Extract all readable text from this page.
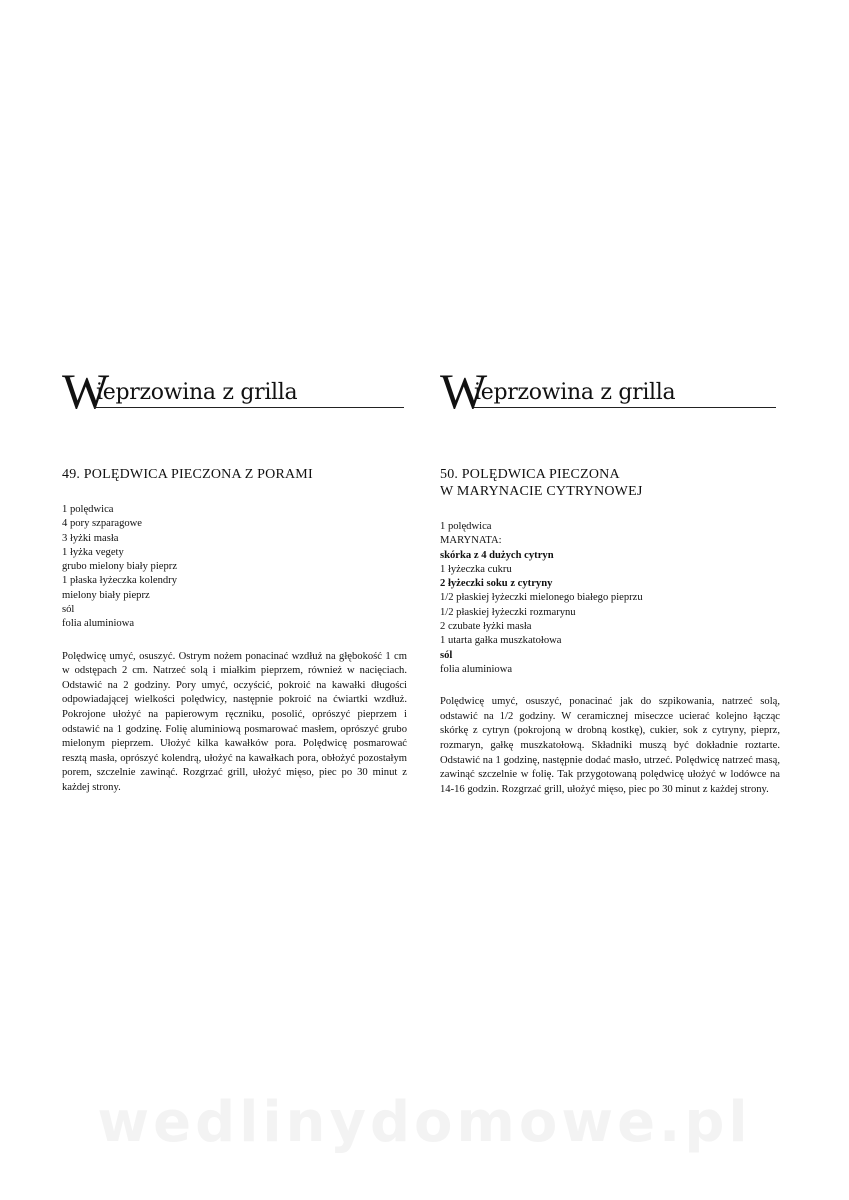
W
ieprzowina z grilla
49. POLĘDWICA PIECZONA Z PORAMI
1 polędwica
4 pory szparagowe
3 łyżki masła
1 łyżka vegety
grubo mielony biały pieprz
1 płaska łyżeczka kolendry
mielony biały pieprz
sól
folia aluminiowa

Polędwicę umyć, osuszyć. Ostrym nożem ponacinać wzdłuż na głębokość 1 cm w odstępach 2 cm. Natrzeć solą i miałkim pieprzem, również w nacięciach. Odstawić na 2 godziny. Pory umyć, oczyścić, pokroić na kawałki długości odpowiadającej wielkości polędwicy, następnie pokroić na ćwiartki wzdłuż. Pokrojone ułożyć na papierowym ręczniku, posolić, oprószyć pieprzem i odstawić na 1 godzinę. Folię aluminiową posmarować masłem, oprószyć grubo mielonym pieprzem. Ułożyć kilka kawałków pora. Polędwicę posmarować resztą masła, oprószyć kolendrą, ułożyć na kawałkach pora, obłożyć pozostałym porem, szczelnie zawinąć. Rozgrzać grill, ułożyć mięso, piec po 30 minut z każdej strony.

W
ieprzowina z grilla
50. POLĘDWICA PIECZONA
W MARYNACIE CYTRYNOWEJ
1 polędwica
MARYNATA:
skórka z 4 dużych cytryn
1 łyżeczka cukru
2 łyżeczki soku z cytryny
1/2 płaskiej łyżeczki mielonego białego pieprzu
1/2 płaskiej łyżeczki rozmarynu
2 czubate łyżki masła
1 utarta gałka muszkatołowa
sól
folia aluminiowa

Polędwicę umyć, osuszyć, ponacinać jak do szpikowania, natrzeć solą, odstawić na 1/2 godziny. W ceramicznej miseczce ucierać kolejno łącząc skórkę z cytryn (pokrojoną w drobną kostkę), cukier, sok z cytryny, pieprz, rozmaryn, gałkę muszkatołową. Składniki muszą być dokładnie roztarte. Odstawić na 1 godzinę, następnie dodać masło, utrzeć. Polędwicę natrzeć masą, zawinąć szczelnie w folię. Tak przygotowaną polędwicę ułożyć w lodówce na 14-16 godzin. Rozgrzać grill, ułożyć mięso, piec po 30 minut z każdej strony.

wedlinydomowe.pl
